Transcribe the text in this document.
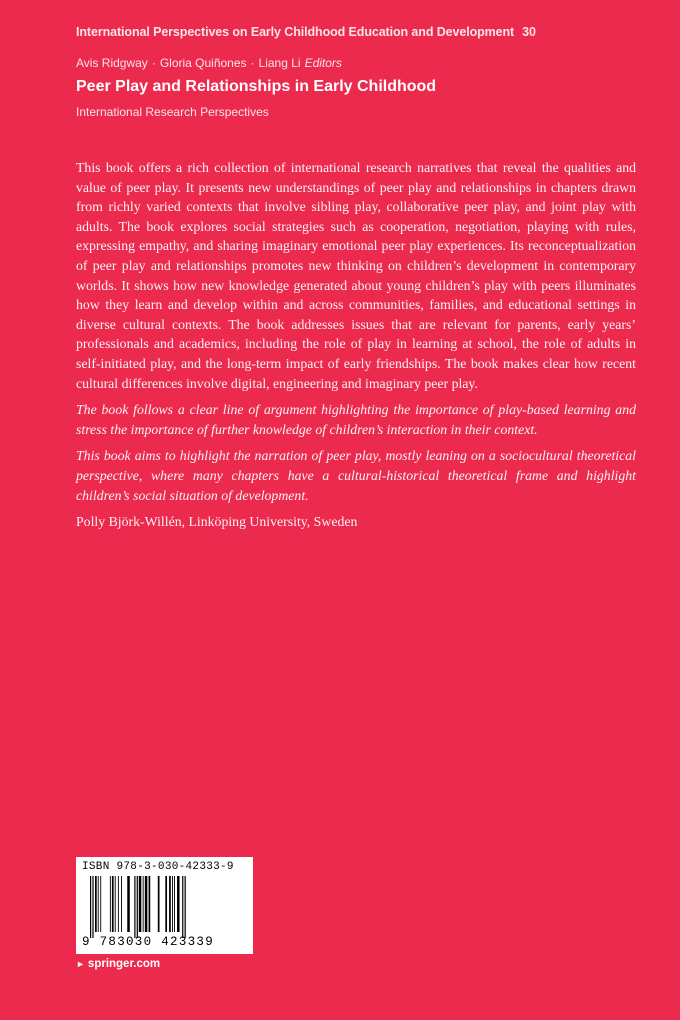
International Perspectives on Early Childhood Education and Development 30
Avis Ridgway · Gloria Quiñones · Liang Li Editors
Peer Play and Relationships in Early Childhood
International Research Perspectives

This book offers a rich collection of international research narratives that reveal the qualities and value of peer play. It presents new understandings of peer play and relationships in chapters drawn from richly varied contexts that involve sibling play, collaborative peer play, and joint play with adults. The book explores social strategies such as cooperation, negotiation, playing with rules, expressing empathy, and sharing imaginary emotional peer play experiences. Its reconceptualization of peer play and relationships promotes new thinking on children’s development in contemporary worlds. It shows how new knowledge generated about young children’s play with peers illuminates how they learn and develop within and across communities, families, and educational settings in diverse cultural contexts. The book addresses issues that are relevant for parents, early years’ professionals and academics, including the role of play in learning at school, the role of adults in self-initiated play, and the long-term impact of early friendships. The book makes clear how recent cultural differences involve digital, engineering and imaginary peer play.

The book follows a clear line of argument highlighting the importance of play-based learning and stress the importance of further knowledge of children’s interaction in their context.

This book aims to highlight the narration of peer play, mostly leaning on a sociocultural theoretical perspective, where many chapters have a cultural-historical theoretical frame and highlight children’s social situation of development.

Polly Björk-Willén, Linköping University, Sweden

ISBN 978-3-030-42333-9
9 783030 423339
► springer.com
